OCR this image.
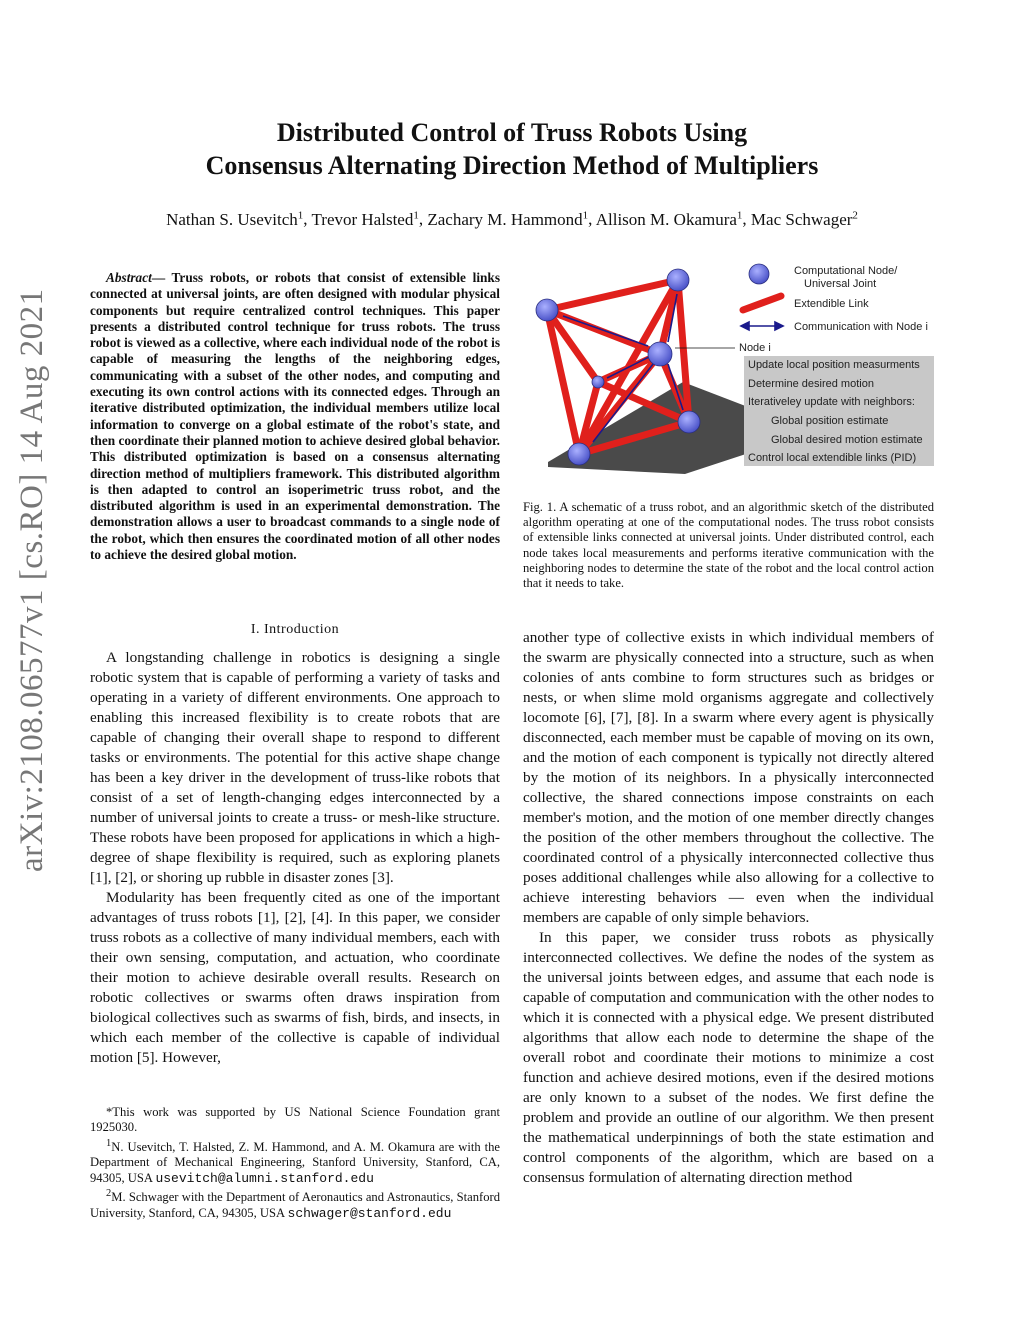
arXiv:2108.06577v1 [cs.RO] 14 Aug 2021
Distributed Control of Truss Robots Using
Consensus Alternating Direction Method of Multipliers
Nathan S. Usevitch$^1$, Trevor Halsted$^1$, Zachary M. Hammond$^1$, Allison M. Okamura$^1$, Mac Schwager$^2$
Abstract— Truss robots, or robots that consist of extensible links connected at universal joints, are often designed with modular physical components but require centralized control techniques. This paper presents a distributed control technique for truss robots. The truss robot is viewed as a collective, where each individual node of the robot is capable of measuring the lengths of the neighboring edges, communicating with a subset of the other nodes, and computing and executing its own control actions with its connected edges. Through an iterative distributed optimization, the individual members utilize local information to converge on a global estimate of the robot's state, and then coordinate their planned motion to achieve desired global behavior. This distributed optimization is based on a consensus alternating direction method of multipliers framework. This distributed algorithm is then adapted to control an isoperimetric truss robot, and the distributed algorithm is used in an experimental demonstration. The demonstration allows a user to broadcast commands to a single node of the robot, which then ensures the coordinated motion of all other nodes to achieve the desired global motion.
I. Introduction

A longstanding challenge in robotics is designing a single robotic system that is capable of performing a variety of tasks and operating in a variety of different environments. One approach to enabling this increased flexibility is to create robots that are capable of changing their overall shape to respond to different tasks or environments. The potential for this active shape change has been a key driver in the development of truss-like robots that consist of a set of length-changing edges interconnected by a number of universal joints to create a truss- or mesh-like structure. These robots have been proposed for applications in which a high-degree of shape flexibility is required, such as exploring planets [1], [2], or shoring up rubble in disaster zones [3].

Modularity has been frequently cited as one of the important advantages of truss robots [1], [2], [4]. In this paper, we consider truss robots as a collective of many individual members, each with their own sensing, computation, and actuation, who coordinate their motion to achieve desirable overall results. Research on robotic collectives or swarms often draws inspiration from biological collectives such as swarms of fish, birds, and insects, in which each member of the collective is capable of individual motion [5]. However,

*This work was supported by US National Science Foundation grant 1925030.

$^1$N. Usevitch, T. Halsted, Z. M. Hammond, and A. M. Okamura are with the Department of Mechanical Engineering, Stanford University, Stanford, CA, 94305, USA usevitch@alumni.stanford.edu

$^2$M. Schwager with the Department of Aeronautics and Astronautics, Stanford University, Stanford, CA, 94305, USA schwager@stanford.edu

Node i
Computational Node/
Universal Joint
Extendible Link
Communication with Node i
Update local position measurments
Determine desired motion
Iterativeley update with neighbors:
Global position estimate
Global desired motion estimate
Control local extendible links (PID)
Fig. 1. A schematic of a truss robot, and an algorithmic sketch of the distributed algorithm operating at one of the computational nodes. The truss robot consists of extensible links connected at universal joints. Under distributed control, each node takes local measurements and performs iterative communication with the neighboring nodes to determine the state of the robot and the local control action that it needs to take.

another type of collective exists in which individual members of the swarm are physically connected into a structure, such as when colonies of ants combine to form structures such as bridges or nests, or when slime mold organisms aggregate and collectively locomote [6], [7], [8]. In a swarm where every agent is physically disconnected, each member must be capable of moving on its own, and the motion of each component is typically not directly altered by the motion of its neighbors. In a physically interconnected collective, the shared connections impose constraints on each member's motion, and the motion of one member directly changes the position of the other members throughout the collective. The coordinated control of a physically interconnected collective thus poses additional challenges while also allowing for a collective to achieve interesting behaviors — even when the individual members are capable of only simple behaviors.

In this paper, we consider truss robots as physically interconnected collectives. We define the nodes of the system as the universal joints between edges, and assume that each node is capable of computation and communication with the other nodes to which it is connected with a physical edge. We present distributed algorithms that allow each node to determine the shape of the overall robot and coordinate their motions to minimize a cost function and achieve desired motions, even if the desired motions are only known to a subset of the nodes. We first define the problem and provide an outline of our algorithm. We then present the mathematical underpinnings of both the state estimation and control components of the algorithm, which are based on a consensus formulation of alternating direction method
